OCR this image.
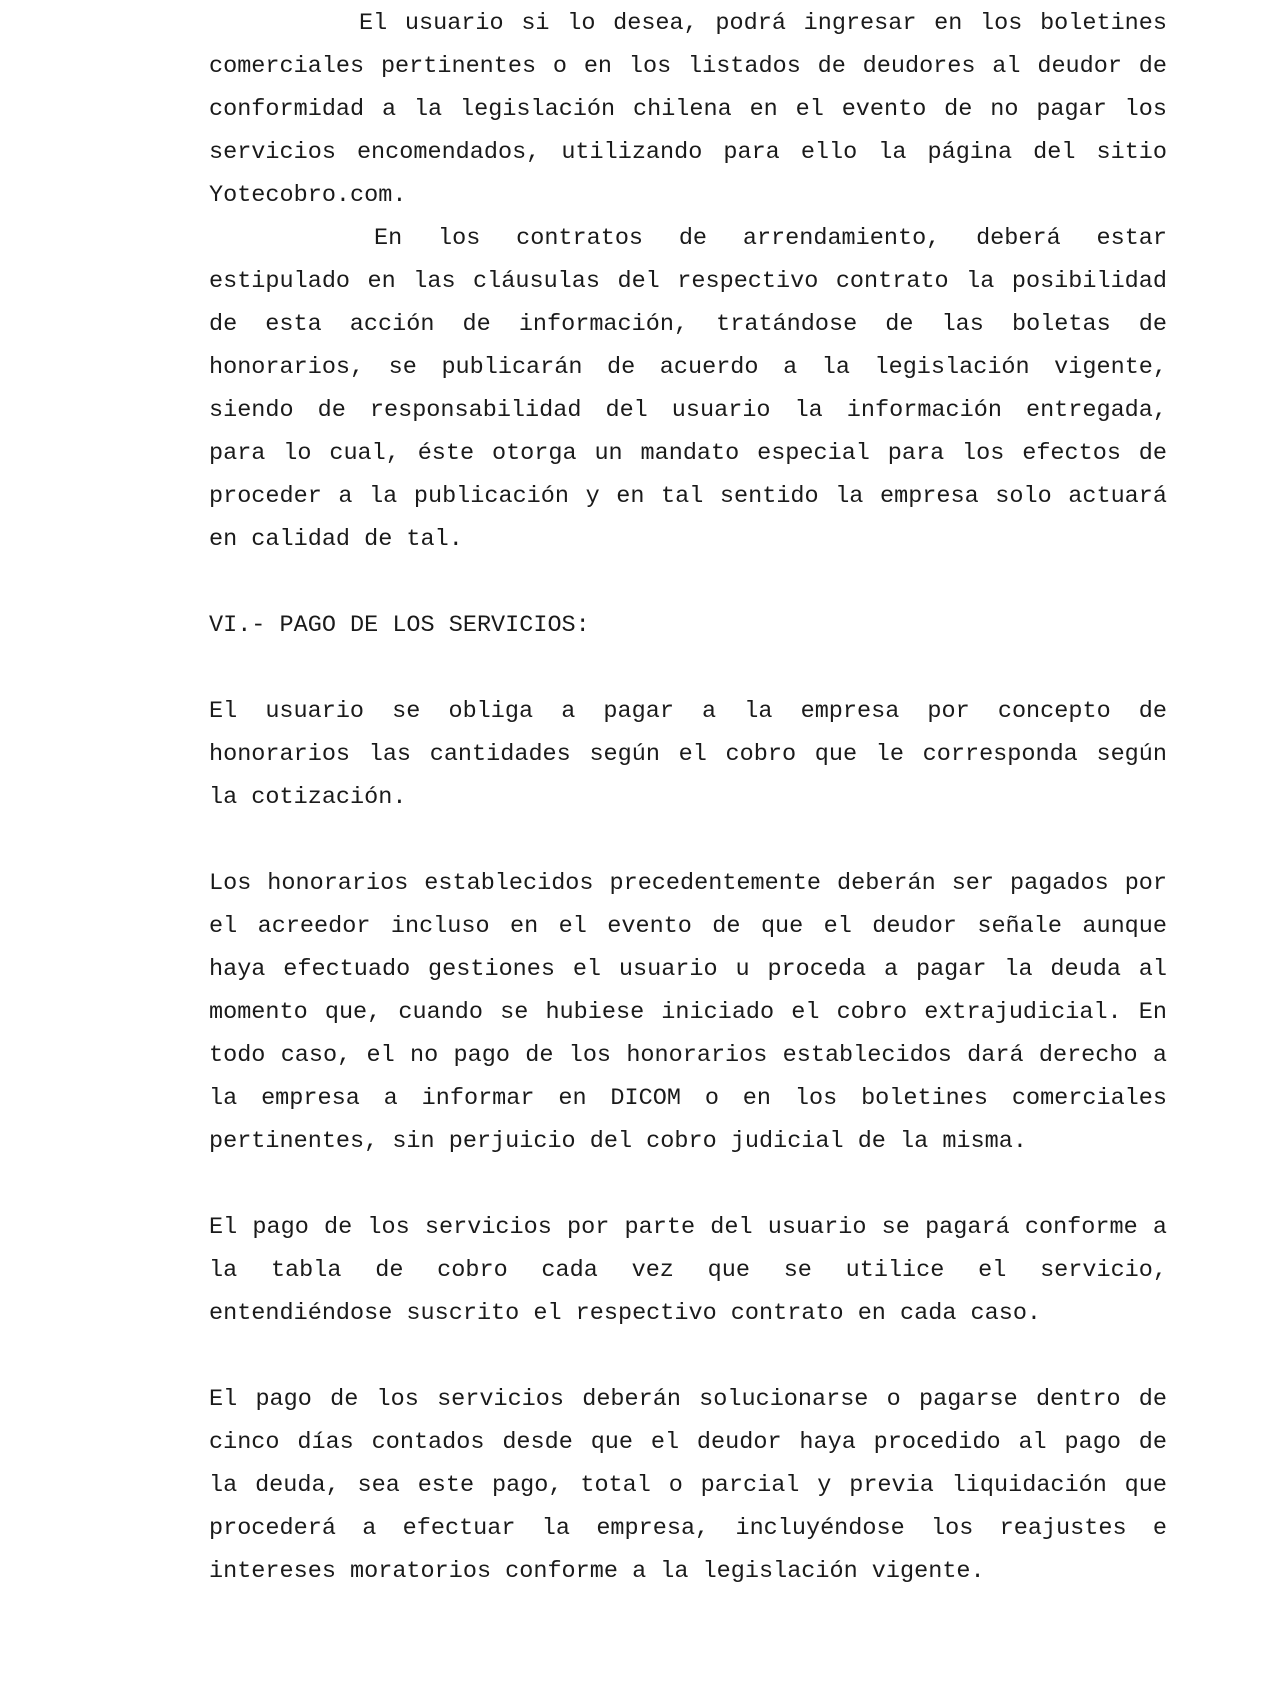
El usuario si lo desea, podrá ingresar en los boletines comerciales pertinentes o en los listados de deudores al deudor de conformidad a la legislación chilena en el evento de no pagar los servicios encomendados, utilizando para ello la página del sitio Yotecobro.com.

En los contratos de arrendamiento, deberá estar estipulado en las cláusulas del respectivo contrato la posibilidad de esta acción de información, tratándose de las boletas de honorarios, se publicarán de acuerdo a la legislación vigente, siendo de responsabilidad del usuario la información entregada, para lo cual, éste otorga un mandato especial para los efectos de proceder a la publicación y en tal sentido la empresa solo actuará en calidad de tal.

VI.- PAGO DE LOS SERVICIOS:

El usuario se obliga a pagar a la empresa por concepto de honorarios las cantidades según el cobro que le corresponda según la cotización.

Los honorarios establecidos precedentemente deberán ser pagados por el acreedor incluso en el evento de que el deudor señale aunque haya efectuado gestiones el usuario u proceda a pagar la deuda al momento que, cuando se hubiese iniciado el cobro extrajudicial. En todo caso, el no pago de los honorarios establecidos dará derecho a la empresa a informar en DICOM o en los boletines comerciales pertinentes, sin perjuicio del cobro judicial de la misma.

El pago de los servicios por parte del usuario se pagará conforme a la tabla de cobro cada vez que se utilice el servicio, entendiéndose suscrito el respectivo contrato en cada caso.

El pago de los servicios deberán solucionarse o pagarse dentro de cinco días contados desde que el deudor haya procedido al pago de la deuda, sea este pago, total o parcial y previa liquidación que procederá a efectuar la empresa, incluyéndose los reajustes e intereses moratorios conforme a la legislación vigente.
